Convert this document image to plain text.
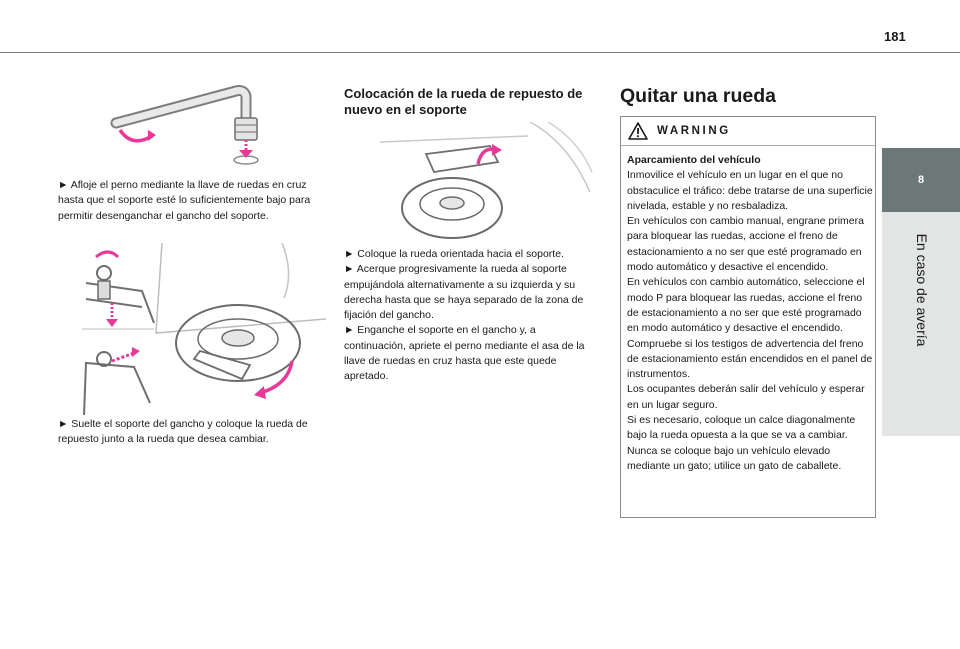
181
8
En caso de avería

► Afloje el perno mediante la llave de ruedas en cruz hasta que el soporte esté lo suficientemente bajo para permitir desenganchar el gancho del soporte.

► Suelte el soporte del gancho y coloque la rueda de repuesto junto a la rueda que desea cambiar.

Colocación de la rueda de repuesto de nuevo en el soporte

► Coloque la rueda orientada hacia el soporte.

► Acerque progresivamente la rueda al soporte empujándola alternativamente a su izquierda y su derecha hasta que se haya separado de la zona de fijación del gancho.

► Enganche el soporte en el gancho y, a continuación, apriete el perno mediante el asa de la llave de ruedas en cruz hasta que este quede apretado.

Quitar una rueda
WARNING

Aparcamiento del vehículo

Inmovilice el vehículo en un lugar en el que no obstaculice el tráfico: debe tratarse de una superficie nivelada, estable y no resbaladiza.

En vehículos con cambio manual, engrane primera para bloquear las ruedas, accione el freno de estacionamiento a no ser que esté programado en modo automático y desactive el encendido.

En vehículos con cambio automático, seleccione el modo P para bloquear las ruedas, accione el freno de estacionamiento a no ser que esté programado en modo automático y desactive el encendido.

Compruebe si los testigos de advertencia del freno de estacionamiento están encendidos en el panel de instrumentos.

Los ocupantes deberán salir del vehículo y esperar en un lugar seguro.

Si es necesario, coloque un calce diagonalmente bajo la rueda opuesta a la que se va a cambiar.

Nunca se coloque bajo un vehículo elevado mediante un gato; utilice un gato de caballete.
